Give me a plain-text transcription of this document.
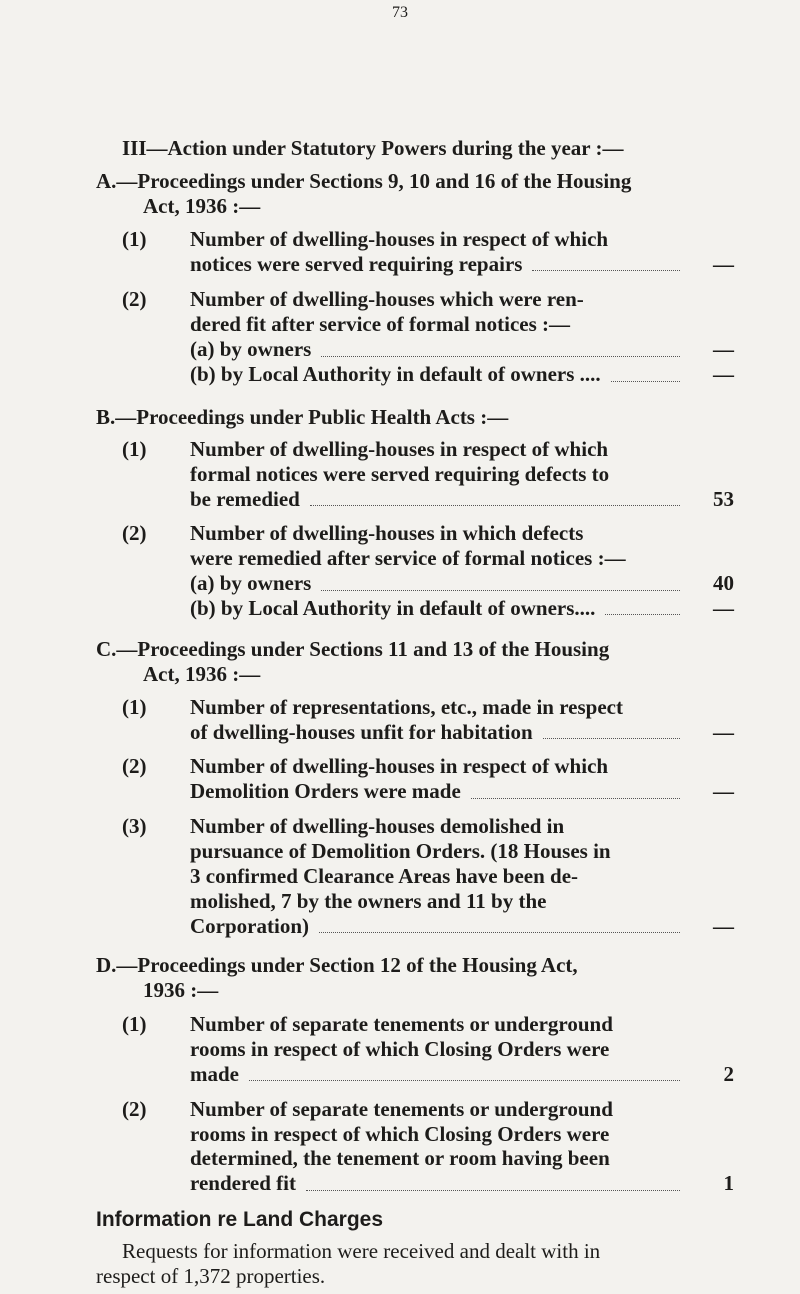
73
III—Action under Statutory Powers during the year :—
A.—Proceedings under Sections 9, 10 and 16 of the Housing
Act, 1936 :—
(1) Number of dwelling-houses in respect of which
notices were served requiring repairs	—
(2) Number of dwelling-houses which were ren-
dered fit after service of formal notices :—
(a) by owners	—
(b) by Local Authority in default of owners ....	—
B.—Proceedings under Public Health Acts :—
(1) Number of dwelling-houses in respect of which
formal notices were served requiring defects to
be remedied	53
(2) Number of dwelling-houses in which defects
were remedied after service of formal notices :—
(a) by owners	40
(b) by Local Authority in default of owners....	—
C.—Proceedings under Sections 11 and 13 of the Housing
Act, 1936 :—
(1) Number of representations, etc., made in respect
of dwelling-houses unfit for habitation	—
(2) Number of dwelling-houses in respect of which
Demolition Orders were made	—
(3) Number of dwelling-houses demolished in
pursuance of Demolition Orders. (18 Houses in
3 confirmed Clearance Areas have been de-
molished, 7 by the owners and 11 by the
Corporation)	—
D.—Proceedings under Section 12 of the Housing Act,
1936 :—
(1) Number of separate tenements or underground
rooms in respect of which Closing Orders were
made	2
(2) Number of separate tenements or underground
rooms in respect of which Closing Orders were
determined, the tenement or room having been
rendered fit	1
Information re Land Charges
Requests for information were received and dealt with in
respect of 1,372 properties.
